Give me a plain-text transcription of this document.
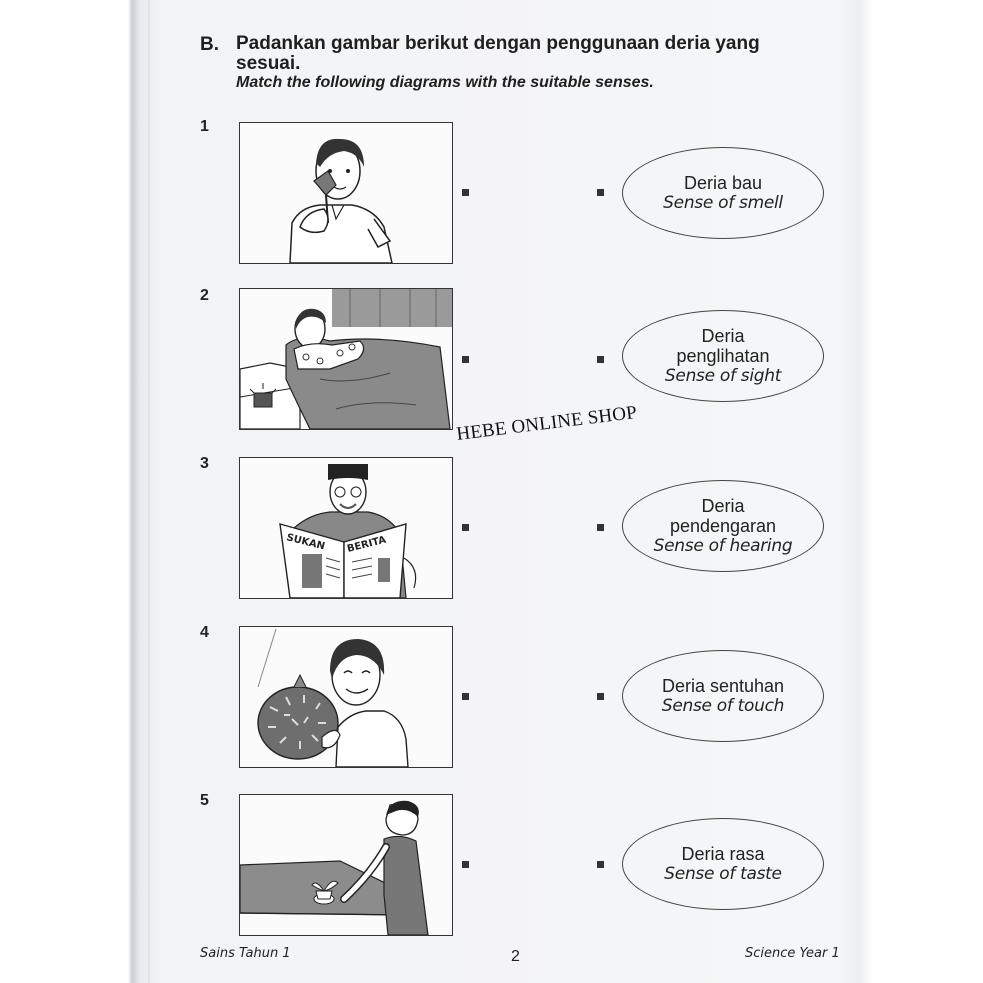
B. Padankan gambar berikut dengan penggunaan deria yang sesuai.
Match the following diagrams with the suitable senses.
1
Deria bau
Sense of smell
2
Deria
penglihatan
Sense of sight
3
SUKAN BERITA
Deria
pendengaran
Sense of hearing
4
Deria sentuhan
Sense of touch
5
Deria rasa
Sense of taste
HEBE ONLINE SHOP
Sains Tahun 1	2	Science Year 1
